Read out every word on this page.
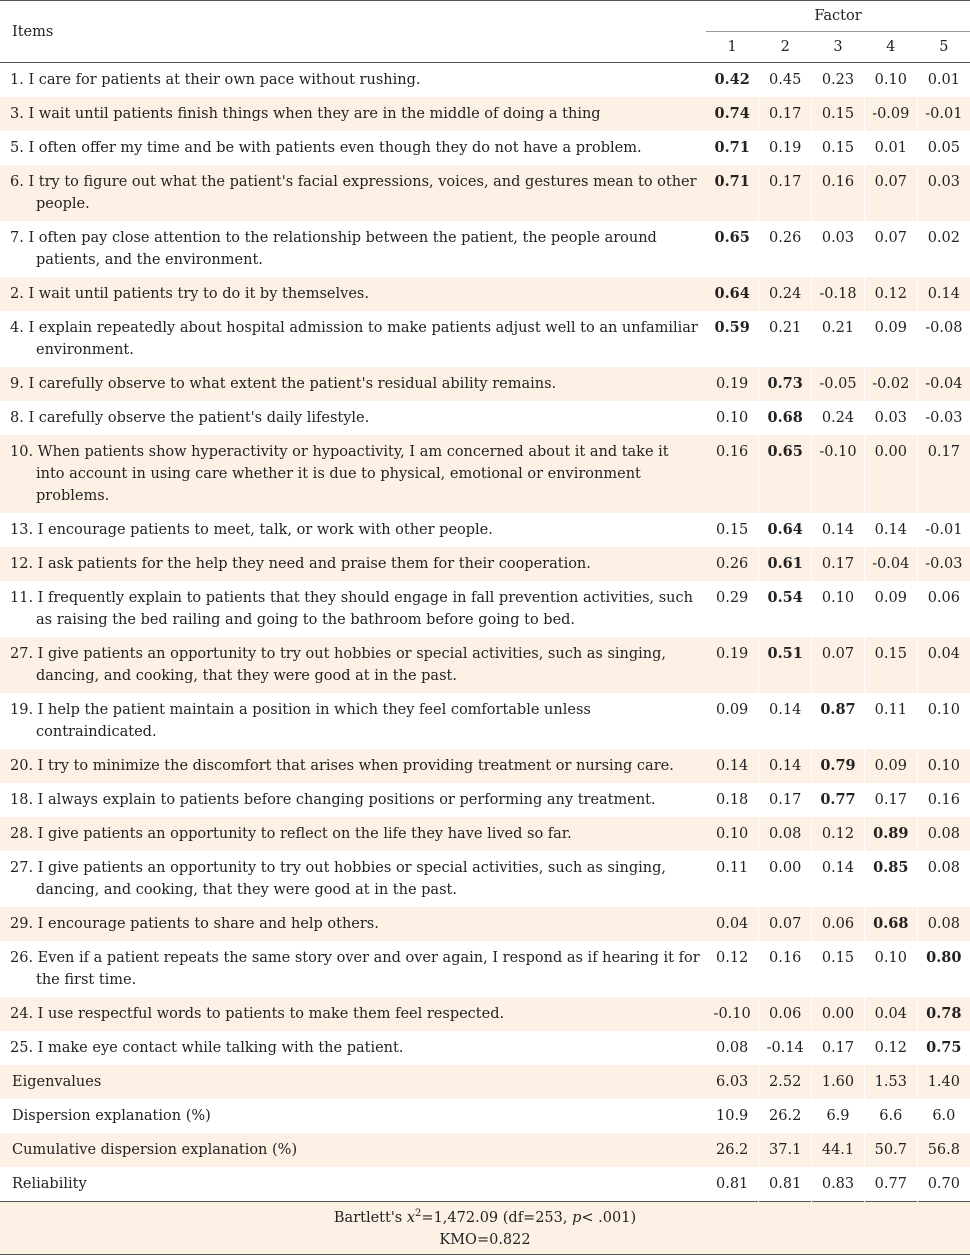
Items	Factor				
	1	2	3	4	5

1. I care for patients at their own pace without rushing.	0.42	0.45	0.23	0.10	0.01

3. I wait until patients finish things when they are in the middle of doing a thing	0.74	0.17	0.15	-0.09	-0.01

5. I often offer my time and be with patients even though they do not have a problem.	0.71	0.19	0.15	0.01	0.05

6. I try to figure out what the patient's facial expressions, voices, and gestures mean to other people.	0.71	0.17	0.16	0.07	0.03

7. I often pay close attention to the relationship between the patient, the people around patients, and the environment.	0.65	0.26	0.03	0.07	0.02

2. I wait until patients try to do it by themselves.	0.64	0.24	-0.18	0.12	0.14

4. I explain repeatedly about hospital admission to make patients adjust well to an unfamiliar environment.	0.59	0.21	0.21	0.09	-0.08

9. I carefully observe to what extent the patient's residual ability remains.	0.19	0.73	-0.05	-0.02	-0.04

8. I carefully observe the patient's daily lifestyle.	0.10	0.68	0.24	0.03	-0.03

10. When patients show hyperactivity or hypoactivity, I am concerned about it and take it into account in using care whether it is due to physical, emotional or environment problems.	0.16	0.65	-0.10	0.00	0.17

13. I encourage patients to meet, talk, or work with other people.	0.15	0.64	0.14	0.14	-0.01

12. I ask patients for the help they need and praise them for their cooperation.	0.26	0.61	0.17	-0.04	-0.03

11. I frequently explain to patients that they should engage in fall prevention activities, such as raising the bed railing and going to the bathroom before going to bed.	0.29	0.54	0.10	0.09	0.06

27. I give patients an opportunity to try out hobbies or special activities, such as singing, dancing, and cooking, that they were good at in the past.	0.19	0.51	0.07	0.15	0.04

19. I help the patient maintain a position in which they feel comfortable unless contraindicated.	0.09	0.14	0.87	0.11	0.10

20. I try to minimize the discomfort that arises when providing treatment or nursing care.	0.14	0.14	0.79	0.09	0.10

18. I always explain to patients before changing positions or performing any treatment.	0.18	0.17	0.77	0.17	0.16

28. I give patients an opportunity to reflect on the life they have lived so far.	0.10	0.08	0.12	0.89	0.08

27. I give patients an opportunity to try out hobbies or special activities, such as singing, dancing, and cooking, that they were good at in the past.	0.11	0.00	0.14	0.85	0.08

29. I encourage patients to share and help others.	0.04	0.07	0.06	0.68	0.08

26. Even if a patient repeats the same story over and over again, I respond as if hearing it for the first time.	0.12	0.16	0.15	0.10	0.80

24. I use respectful words to patients to make them feel respected.	-0.10	0.06	0.00	0.04	0.78

25. I make eye contact while talking with the patient.	0.08	-0.14	0.17	0.12	0.75
Eigenvalues	6.03	2.52	1.60	1.53	1.40
Dispersion explanation (%)	10.9	26.2	6.9	6.6	6.0
Cumulative dispersion explanation (%)	26.2	37.1	44.1	50.7	56.8
Reliability	0.81	0.81	0.83	0.77	0.70

Bartlett's $x^2=1,472.09$ (df=253, p< .001)
KMO=0.822					
